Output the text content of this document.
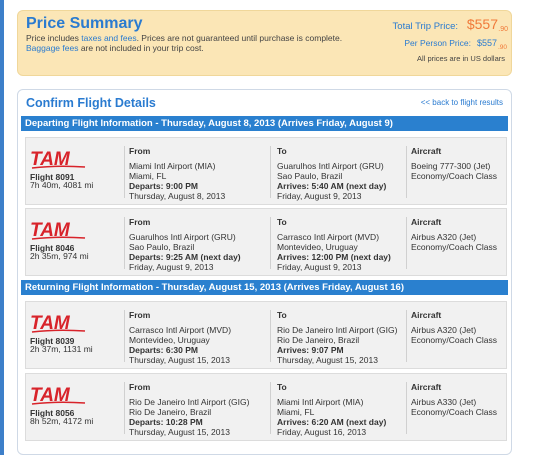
Price Summary
Price includes taxes and fees. Prices are not guaranteed until purchase is complete.
Baggage fees are not included in your trip cost.
Total Trip Price: $557 .90
Per Person Price: $557 .90
All prices are in US dollars
Confirm Flight Details	<< back to flight results
Departing Flight Information - Thursday, August 8, 2013 (Arrives Friday, August 9)
TAM
Flight 8091
7h 40m, 4081 mi
From
Miami Intl Airport (MIA)
Miami, FL
Departs: 9:00 PM
Thursday, August 8, 2013
To
Guarulhos Intl Airport (GRU)
Sao Paulo, Brazil
Arrives: 5:40 AM (next day)
Friday, August 9, 2013
Aircraft
Boeing 777-300 (Jet)
Economy/Coach Class
TAM
Flight 8046
2h 35m, 974 mi
From
Guarulhos Intl Airport (GRU)
Sao Paulo, Brazil
Departs: 9:25 AM (next day)
Friday, August 9, 2013
To
Carrasco Intl Airport (MVD)
Montevideo, Uruguay
Arrives: 12:00 PM (next day)
Friday, August 9, 2013
Aircraft
Airbus A320 (Jet)
Economy/Coach Class
Returning Flight Information - Thursday, August 15, 2013 (Arrives Friday, August 16)
TAM
Flight 8039
2h 37m, 1131 mi
From
Carrasco Intl Airport (MVD)
Montevideo, Uruguay
Departs: 6:30 PM
Thursday, August 15, 2013
To
Rio De Janeiro Intl Airport (GIG)
Rio De Janeiro, Brazil
Arrives: 9:07 PM
Thursday, August 15, 2013
Aircraft
Airbus A320 (Jet)
Economy/Coach Class
TAM
Flight 8056
8h 52m, 4172 mi
From
Rio De Janeiro Intl Airport (GIG)
Rio De Janeiro, Brazil
Departs: 10:28 PM
Thursday, August 15, 2013
To
Miami Intl Airport (MIA)
Miami, FL
Arrives: 6:20 AM (next day)
Friday, August 16, 2013
Aircraft
Airbus A330 (Jet)
Economy/Coach Class
